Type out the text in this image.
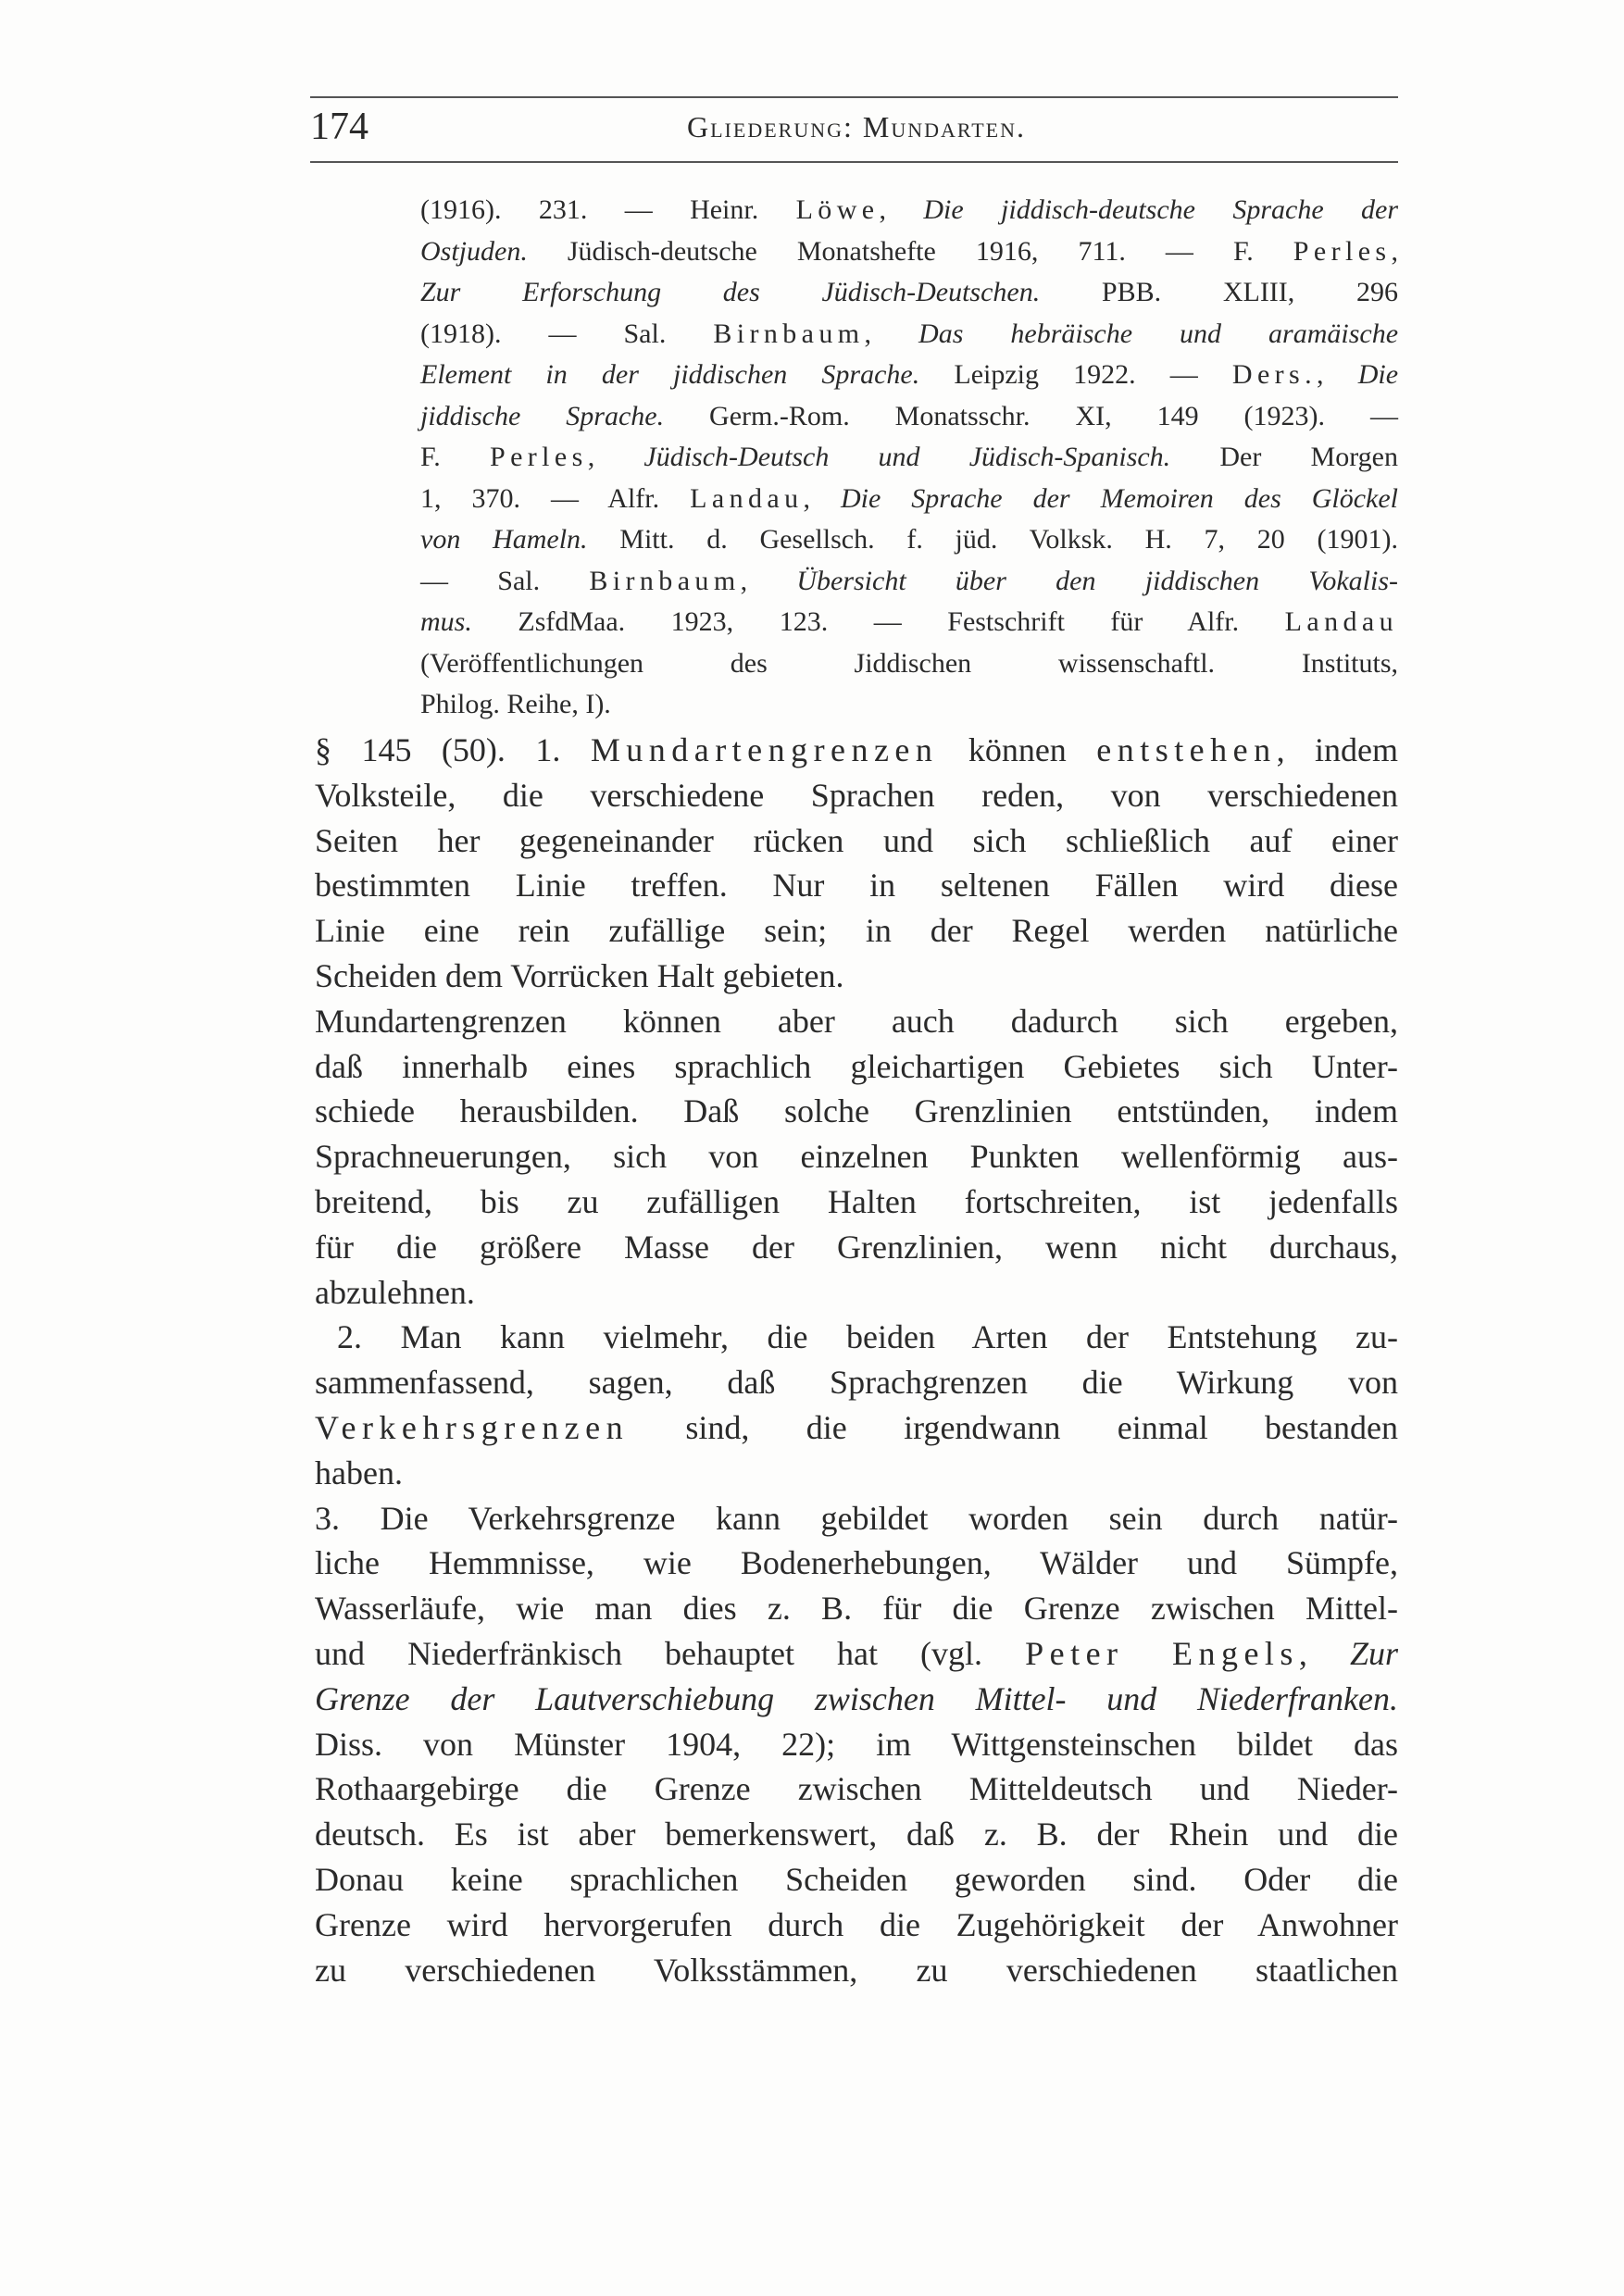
174	Gliederung: Mundarten.
(1916). 231. — Heinr. Löwe, Die jiddisch-deutsche Sprache der
Ostjuden. Jüdisch-deutsche Monatshefte 1916, 711. — F. Perles,
Zur Erforschung des Jüdisch-Deutschen. PBB. XLIII, 296
(1918). — Sal. Birnbaum, Das hebräische und aramäische
Element in der jiddischen Sprache. Leipzig 1922. — Ders., Die
jiddische Sprache. Germ.-Rom. Monatsschr. XI, 149 (1923). —
F. Perles, Jüdisch-Deutsch und Jüdisch-Spanisch. Der Morgen
1, 370. — Alfr. Landau, Die Sprache der Memoiren des Glöckel
von Hameln. Mitt. d. Gesellsch. f. jüd. Volksk. H. 7, 20 (1901).
— Sal. Birnbaum, Übersicht über den jiddischen Vokalis-
mus. ZsfdMaa. 1923, 123. — Festschrift für Alfr. Landau
(Veröffentlichungen des Jiddischen wissenschaftl. Instituts,
Philog. Reihe, I).
§ 145 (50). 1. Mundartengrenzen können entstehen, indem
Volksteile, die verschiedene Sprachen reden, von verschiedenen
Seiten her gegeneinander rücken und sich schließlich auf einer
bestimmten Linie treffen. Nur in seltenen Fällen wird diese
Linie eine rein zufällige sein; in der Regel werden natürliche
Scheiden dem Vorrücken Halt gebieten.
Mundartengrenzen können aber auch dadurch sich ergeben,
daß innerhalb eines sprachlich gleichartigen Gebietes sich Unter-
schiede herausbilden. Daß solche Grenzlinien entstünden, indem
Sprachneuerungen, sich von einzelnen Punkten wellenförmig aus-
breitend, bis zu zufälligen Halten fortschreiten, ist jedenfalls
für die größere Masse der Grenzlinien, wenn nicht durchaus,
abzulehnen.
2. Man kann vielmehr, die beiden Arten der Entstehung zu-
sammenfassend, sagen, daß Sprachgrenzen die Wirkung von
Verkehrsgrenzen sind, die irgendwann einmal bestanden
haben.
3. Die Verkehrsgrenze kann gebildet worden sein durch natür-
liche Hemmnisse, wie Bodenerhebungen, Wälder und Sümpfe,
Wasserläufe, wie man dies z. B. für die Grenze zwischen Mittel-
und Niederfränkisch behauptet hat (vgl. Peter Engels, Zur
Grenze der Lautverschiebung zwischen Mittel- und Niederfranken.
Diss. von Münster 1904, 22); im Wittgensteinschen bildet das
Rothaargebirge die Grenze zwischen Mitteldeutsch und Nieder-
deutsch. Es ist aber bemerkenswert, daß z. B. der Rhein und die
Donau keine sprachlichen Scheiden geworden sind. Oder die
Grenze wird hervorgerufen durch die Zugehörigkeit der Anwohner
zu verschiedenen Volksstämmen, zu verschiedenen staatlichen
